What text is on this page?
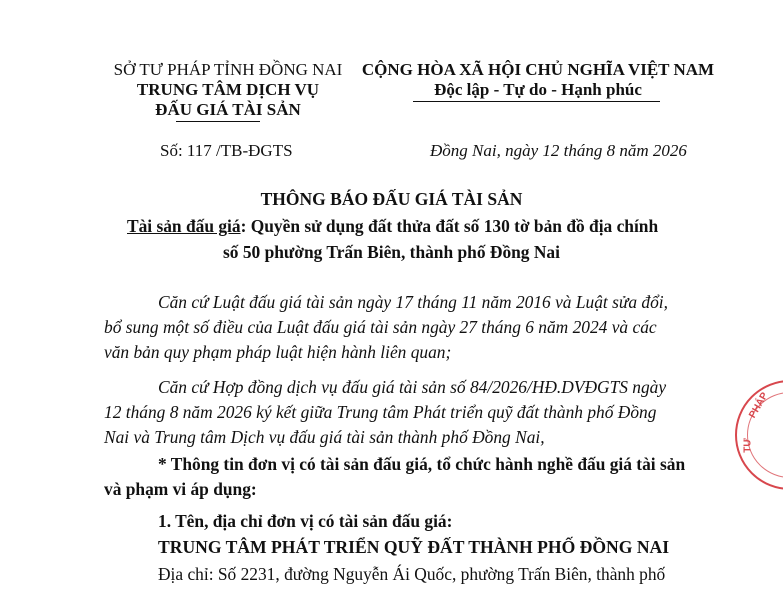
SỞ TƯ PHÁP TỈNH ĐỒNG NAI
TRUNG TÂM DỊCH VỤ
ĐẤU GIÁ TÀI SẢN
CỘNG HÒA XÃ HỘI CHỦ NGHĨA VIỆT NAM
Độc lập - Tự do - Hạnh phúc
Số: 117 /TB-ĐGTS	Đồng Nai, ngày 12 tháng 8 năm 2026
THÔNG BÁO ĐẤU GIÁ TÀI SẢN
Tài sản đấu giá: Quyền sử dụng đất thửa đất số 130 tờ bản đồ địa chính
số 50 phường Trấn Biên, thành phố Đồng Nai
Căn cứ Luật đấu giá tài sản ngày 17 tháng 11 năm 2016 và Luật sửa đổi,
bổ sung một số điều của Luật đấu giá tài sản ngày 27 tháng 6 năm 2024 và các
văn bản quy phạm pháp luật hiện hành liên quan;
Căn cứ Hợp đồng dịch vụ đấu giá tài sản số 84/2026/HĐ.DVĐGTS ngày
12 tháng 8 năm 2026 ký kết giữa Trung tâm Phát triển quỹ đất thành phố Đồng
Nai và Trung tâm Dịch vụ đấu giá tài sản thành phố Đồng Nai,
* Thông tin đơn vị có tài sản đấu giá, tổ chức hành nghề đấu giá tài sản
và phạm vi áp dụng:
1. Tên, địa chỉ đơn vị có tài sản đấu giá:
TRUNG TÂM PHÁT TRIỂN QUỸ ĐẤT THÀNH PHỐ ĐỒNG NAI
Địa chỉ: Số 2231, đường Nguyễn Ái Quốc, phường Trấn Biên, thành phố
PHÁP
TƯ
